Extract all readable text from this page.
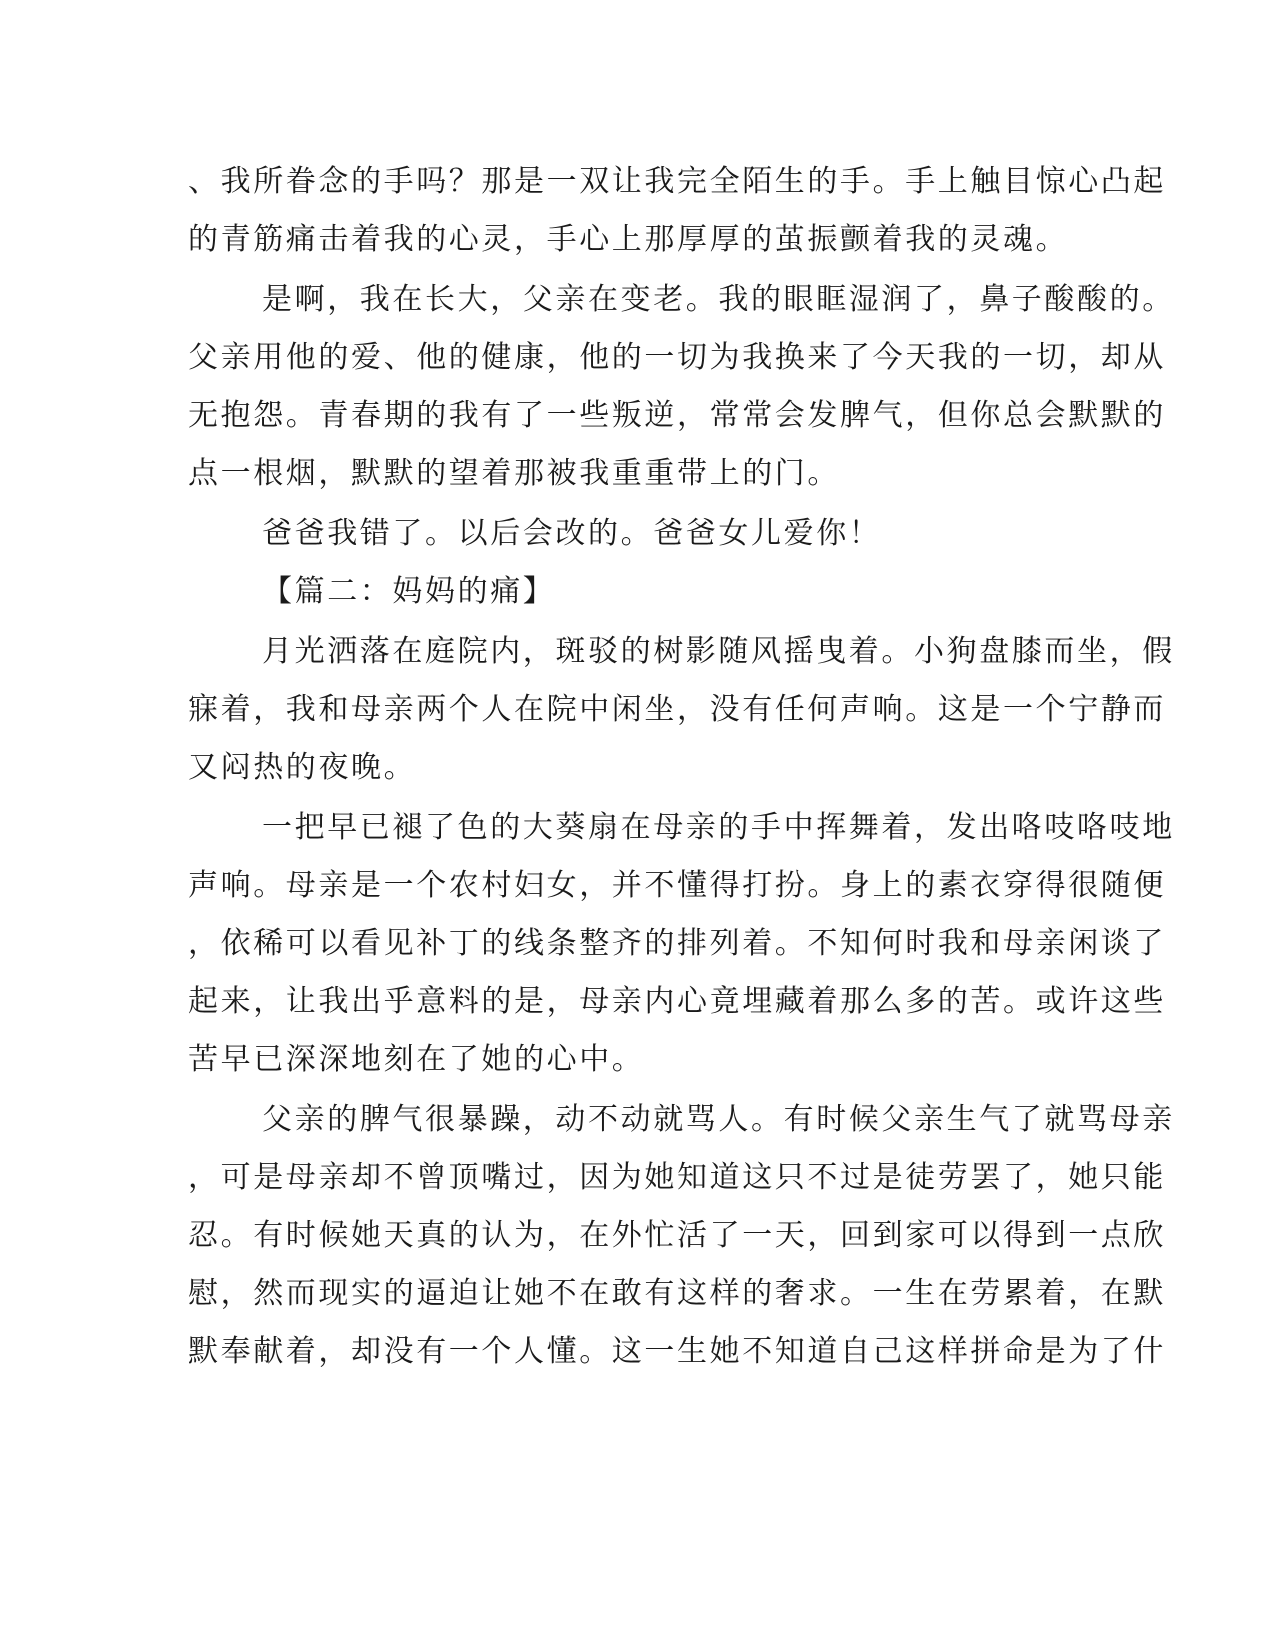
、我所眷念的手吗？那是一双让我完全陌生的手。手上触目惊心凸起
的青筋痛击着我的心灵，手心上那厚厚的茧振颤着我的灵魂。
是啊，我在长大，父亲在变老。我的眼眶湿润了，鼻子酸酸的。
父亲用他的爱、他的健康，他的一切为我换来了今天我的一切，却从
无抱怨。青春期的我有了一些叛逆，常常会发脾气，但你总会默默的
点一根烟，默默的望着那被我重重带上的门。
爸爸我错了。以后会改的。爸爸女儿爱你！
【篇二：妈妈的痛】
月光洒落在庭院内，斑驳的树影随风摇曳着。小狗盘膝而坐，假
寐着，我和母亲两个人在院中闲坐，没有任何声响。这是一个宁静而
又闷热的夜晚。
一把早已褪了色的大葵扇在母亲的手中挥舞着，发出咯吱咯吱地
声响。母亲是一个农村妇女，并不懂得打扮。身上的素衣穿得很随便
，依稀可以看见补丁的线条整齐的排列着。不知何时我和母亲闲谈了
起来，让我出乎意料的是，母亲内心竟埋藏着那么多的苦。或许这些
苦早已深深地刻在了她的心中。
父亲的脾气很暴躁，动不动就骂人。有时候父亲生气了就骂母亲
，可是母亲却不曾顶嘴过，因为她知道这只不过是徒劳罢了，她只能
忍。有时候她天真的认为，在外忙活了一天，回到家可以得到一点欣
慰，然而现实的逼迫让她不在敢有这样的奢求。一生在劳累着，在默
默奉献着，却没有一个人懂。这一生她不知道自己这样拼命是为了什
